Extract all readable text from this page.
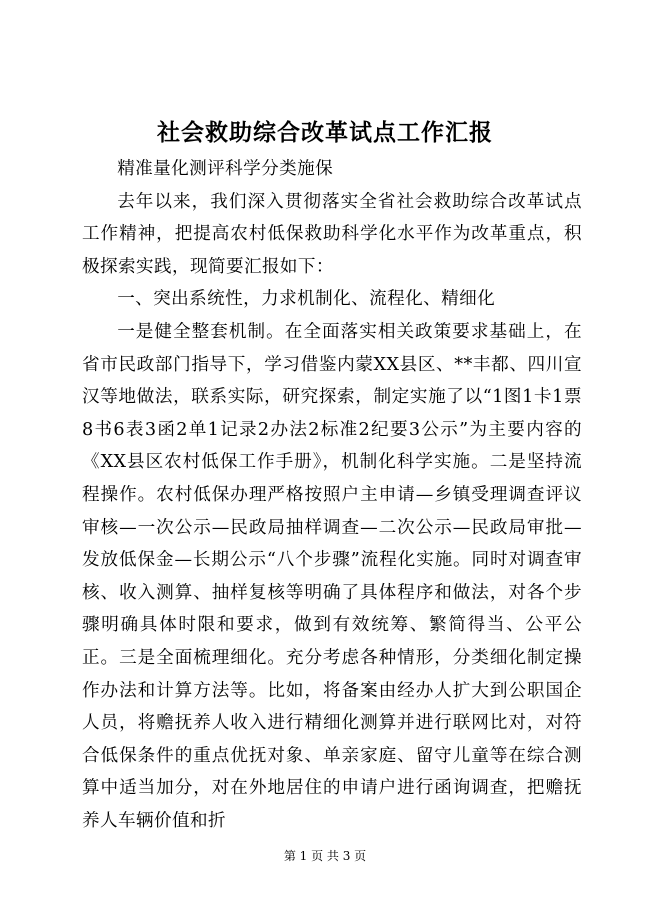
社会救助综合改革试点工作汇报

精准量化测评科学分类施保

去年以来，我们深入贯彻落实全省社会救助综合改革试点工作精神，把提高农村低保救助科学化水平作为改革重点，积极探索实践，现简要汇报如下：

一、突出系统性，力求机制化、流程化、精细化

一是健全整套机制。在全面落实相关政策要求基础上，在省市民政部门指导下，学习借鉴内蒙XX县区、**丰都、四川宣汉等地做法，联系实际，研究探索，制定实施了以“1图1卡1票8书6表3函2单1记录2办法2标准2纪要3公示”为主要内容的《XX县区农村低保工作手册》，机制化科学实施。二是坚持流程操作。农村低保办理严格按照户主申请—乡镇受理调查评议审核—一次公示—民政局抽样调查—二次公示—民政局审批—发放低保金—长期公示“八个步骤”流程化实施。同时对调查审核、收入测算、抽样复核等明确了具体程序和做法，对各个步骤明确具体时限和要求，做到有效统筹、繁简得当、公平公正。三是全面梳理细化。充分考虑各种情形，分类细化制定操作办法和计算方法等。比如，将备案由经办人扩大到公职国企人员，将赡抚养人收入进行精细化测算并进行联网比对，对符合低保条件的重点优抚对象、单亲家庭、留守儿童等在综合测算中适当加分，对在外地居住的申请户进行函询调查，把赡抚养人车辆价值和折

第 1 页 共 3 页
